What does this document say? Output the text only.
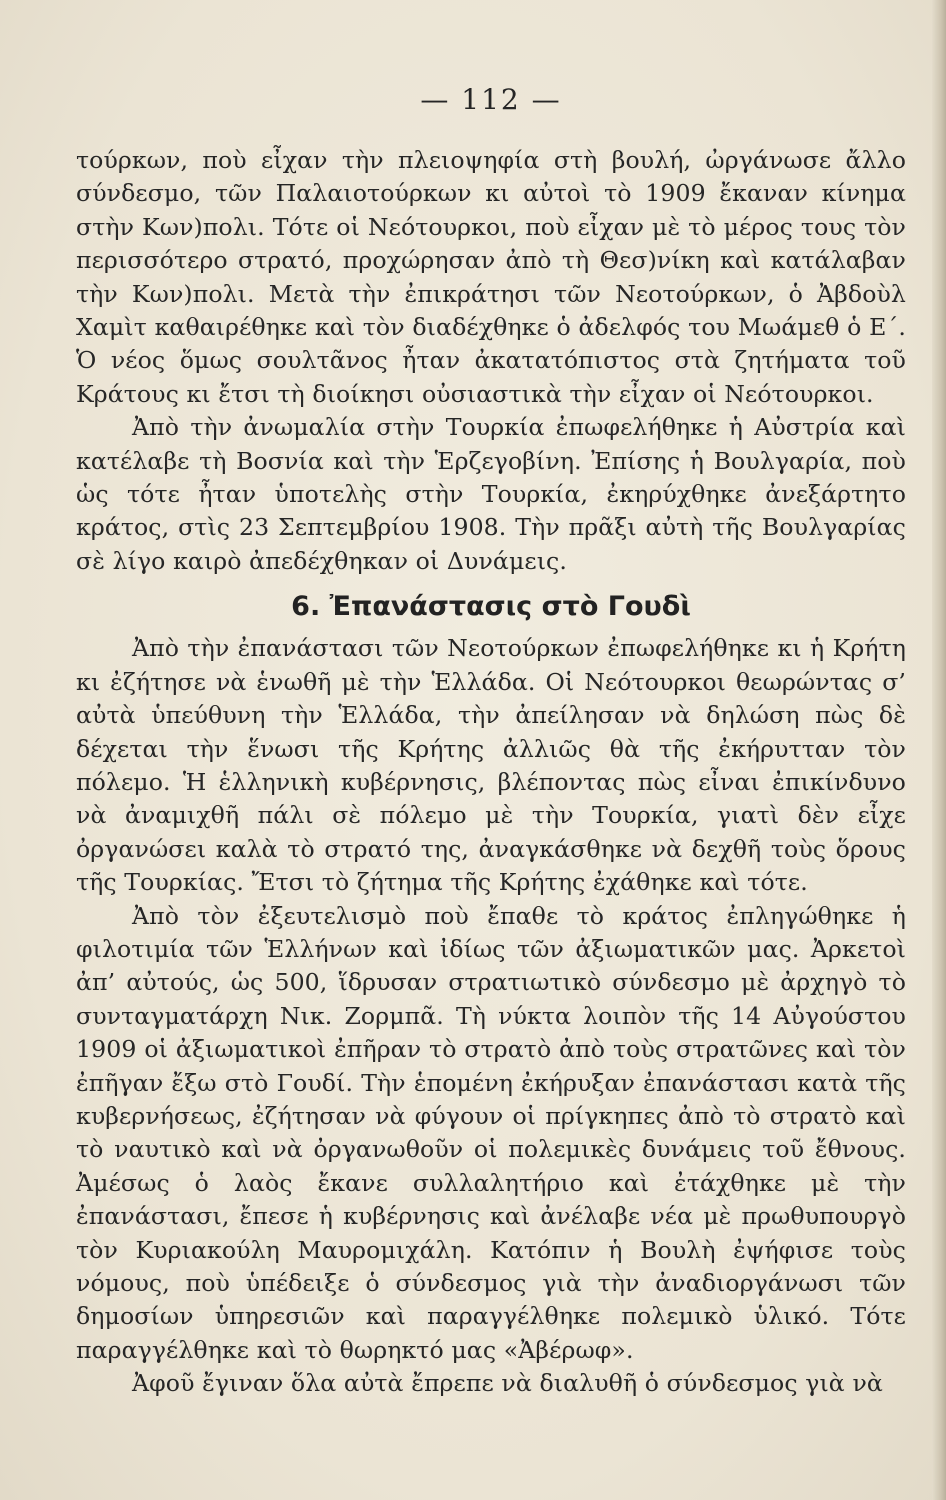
— 112 —

τούρκων, ποὺ εἶχαν τὴν πλειοψηφία στὴ βουλή, ὠργάνωσε ἄλλο σύνδεσμο, τῶν Παλαιοτούρκων κι αὐτοὶ τὸ 1909 ἔκαναν κίνημα στὴν Κων)πολι. Τότε οἱ Νεότουρκοι, ποὺ εἶχαν μὲ τὸ μέρος τους τὸν περισσότερο στρατό, προχώρησαν ἀπὸ τὴ Θεσ)νίκη καὶ κατάλαβαν τὴν Κων)πολι. Μετὰ τὴν ἐπικράτησι τῶν Νεοτούρκων, ὁ Ἀβδοὺλ Χαμὶτ καθαιρέθηκε καὶ τὸν διαδέχθηκε ὁ ἀδελφός του Μωάμεθ ὁ Ε΄. Ὁ νέος ὅμως σουλτᾶνος ἦταν ἀκατατόπιστος στὰ ζητήματα τοῦ Κράτους κι ἔτσι τὴ διοίκησι οὐσιαστικὰ τὴν εἶχαν οἱ Νεότουρκοι.

Ἀπὸ τὴν ἀνωμαλία στὴν Τουρκία ἐπωφελήθηκε ἡ Αὐστρία καὶ κατέλαβε τὴ Βοσνία καὶ τὴν Ἑρζεγοβίνη. Ἐπίσης ἡ Βουλγαρία, ποὺ ὡς τότε ἦταν ὑποτελὴς στὴν Τουρκία, ἐκηρύχθηκε ἀνεξάρτητο κράτος, στὶς 23 Σεπτεμβρίου 1908. Τὴν πρᾶξι αὐτὴ τῆς Βουλγαρίας σὲ λίγο καιρὸ ἀπεδέχθηκαν οἱ Δυνάμεις.

6. Ἐπανάστασις στὸ Γουδὶ

Ἀπὸ τὴν ἐπανάστασι τῶν Νεοτούρκων ἐπωφελήθηκε κι ἡ Κρήτη κι ἐζήτησε νὰ ἑνωθῆ μὲ τὴν Ἑλλάδα. Οἱ Νεότουρκοι θεωρώντας σ’ αὐτὰ ὑπεύθυνη τὴν Ἑλλάδα, τὴν ἀπείλησαν νὰ δηλώση πὼς δὲ δέχεται τὴν ἕνωσι τῆς Κρήτης ἀλλιῶς θὰ τῆς ἐκήρυτταν τὸν πόλεμο. Ἡ ἑλληνικὴ κυβέρνησις, βλέποντας πὼς εἶναι ἐπικίνδυνο νὰ ἀναμιχθῆ πάλι σὲ πόλεμο μὲ τὴν Τουρκία, γιατὶ δὲν εἶχε ὀργανώσει καλὰ τὸ στρατό της, ἀναγκάσθηκε νὰ δεχθῆ τοὺς ὅρους τῆς Τουρκίας. Ἔτσι τὸ ζήτημα τῆς Κρήτης ἐχάθηκε καὶ τότε.

Ἀπὸ τὸν ἐξευτελισμὸ ποὺ ἔπαθε τὸ κράτος ἐπληγώθηκε ἡ φιλοτιμία τῶν Ἑλλήνων καὶ ἰδίως τῶν ἀξιωματικῶν μας. Ἀρκετοὶ ἀπ’ αὐτούς, ὡς 500, ἵδρυσαν στρατιωτικὸ σύνδεσμο μὲ ἀρχηγὸ τὸ συνταγματάρχη Νικ. Ζορμπᾶ. Τὴ νύκτα λοιπὸν τῆς 14 Αὐγούστου 1909 οἱ ἀξιωματικοὶ ἐπῆραν τὸ στρατὸ ἀπὸ τοὺς στρατῶνες καὶ τὸν ἐπῆγαν ἔξω στὸ Γουδί. Τὴν ἑπομένη ἐκήρυξαν ἐπανάστασι κατὰ τῆς κυβερνήσεως, ἐζήτησαν νὰ φύγουν οἱ πρίγκηπες ἀπὸ τὸ στρατὸ καὶ τὸ ναυτικὸ καὶ νὰ ὀργανωθοῦν οἱ πολεμικὲς δυνάμεις τοῦ ἔθνους. Ἀμέσως ὁ λαὸς ἔκανε συλλαλητήριο καὶ ἐτάχθηκε μὲ τὴν ἐπανάστασι, ἔπεσε ἡ κυβέρνησις καὶ ἀνέλαβε νέα μὲ πρωθυπουργὸ τὸν Κυριακούλη Μαυρομιχάλη. Κατόπιν ἡ Βουλὴ ἐψήφισε τοὺς νόμους, ποὺ ὑπέδειξε ὁ σύνδεσμος γιὰ τὴν ἀναδιοργάνωσι τῶν δημοσίων ὑπηρεσιῶν καὶ παραγγέλθηκε πολεμικὸ ὑλικό. Τότε παραγγέλθηκε καὶ τὸ θωρηκτό μας «Ἀβέρωφ».

Ἀφοῦ ἔγιναν ὅλα αὐτὰ ἔπρεπε νὰ διαλυθῆ ὁ σύνδεσμος γιὰ νὰ
